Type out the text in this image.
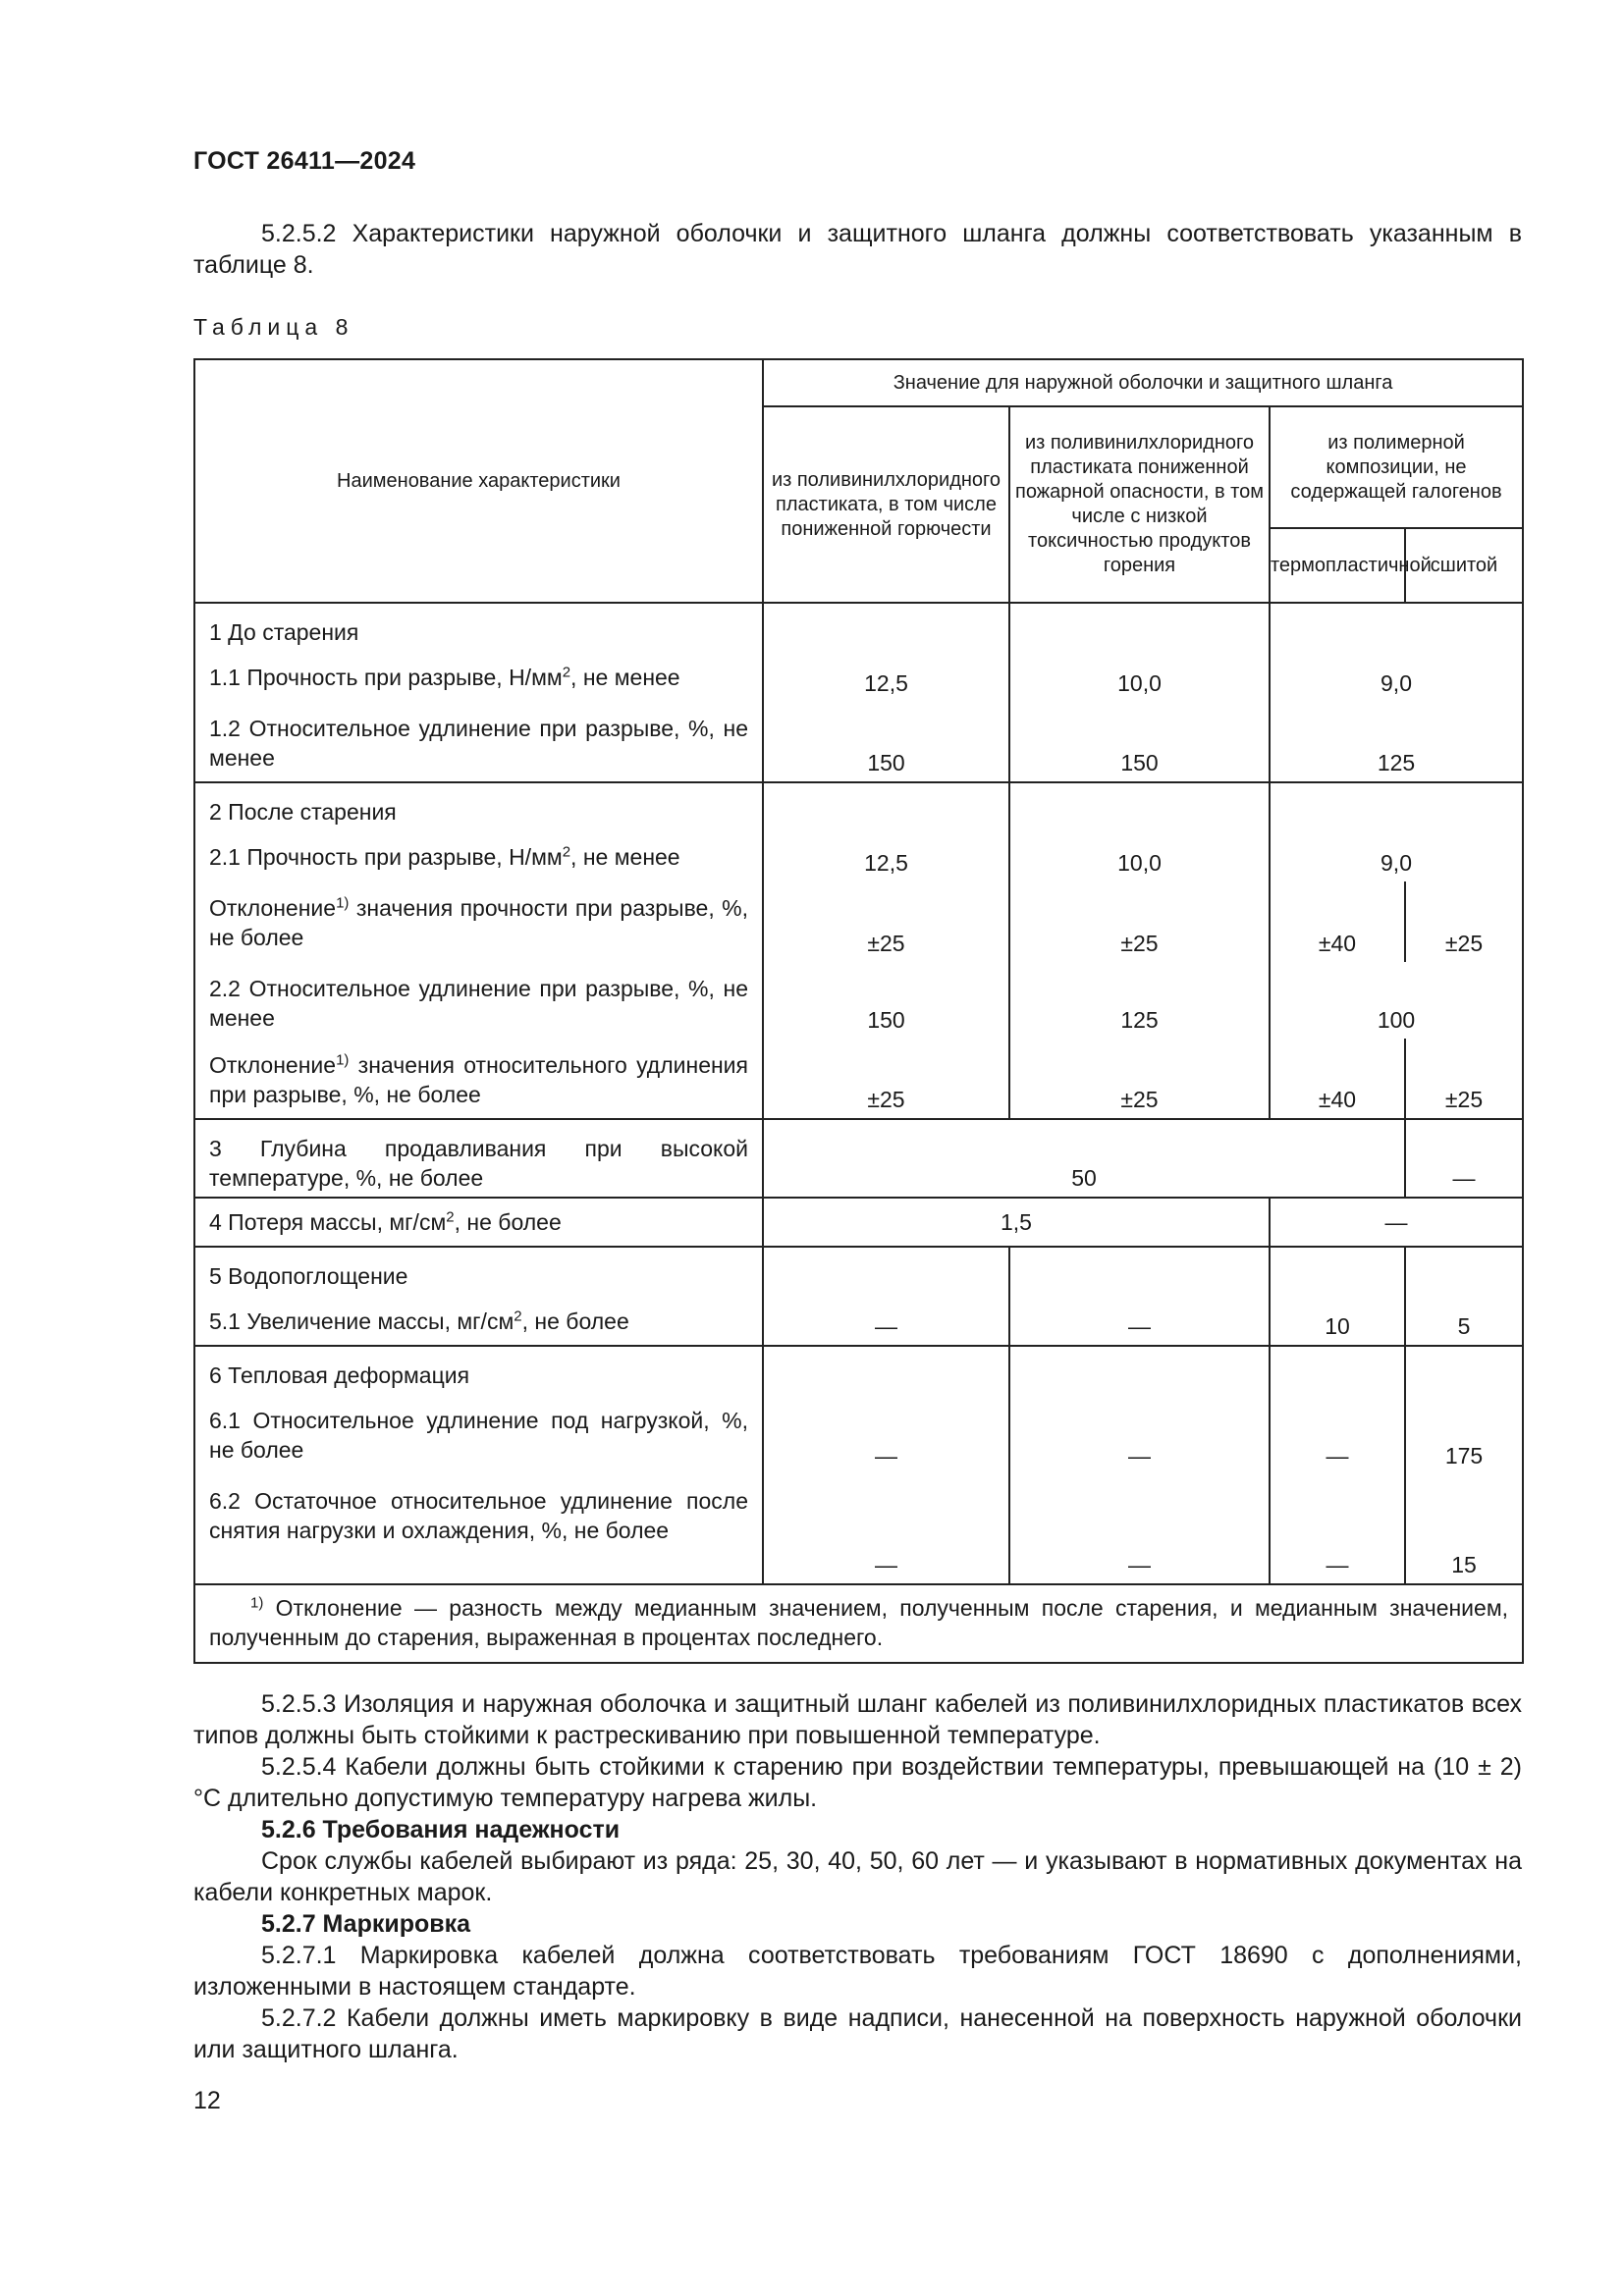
ГОСТ 26411—2024
5.2.5.2 Характеристики наружной оболочки и защитного шланга должны соответствовать указанным в таблице 8.
Таблица 8
Наименование характеристики	Значение для наружной оболочки и защитного шланга			
	из поливинилхлоридного пластиката, в том числе пониженной горючести	из поливинилхлоридного пластиката пониженной пожарной опасности, в том числе с низкой токсичностью продуктов горения	из полимерной композиции, не содержащей галогенов	
			термопластичной	сшитой

1 До старения				

1.1 Прочность при разрыве, $Н/мм^2$, не менее	12,5	10,0	9,0	

1.2 Относительное удлинение при разрыве, %, не менее	150	150	125	

2 После старения				

2.1 Прочность при разрыве, $Н/мм^2$, не менее	12,5	10,0	9,0	

Отклонение$^{1)}$ значения прочности при разрыве, %, не более	±25	±25	±40	±25

2.2 Относительное удлинение при разрыве, %, не менее	150	125	100	

Отклонение$^{1)}$ значения относительного удлинения при разрыве, %, не более	±25	±25	±40	±25

3 Глубина продавливания при высокой температуре, %, не более	50			—

4 Потеря массы, $мг/см^2$, не более	1,5		—	

5 Водопоглощение				

5.1 Увеличение массы, $мг/см^2$, не более	—	—	10	5

6 Тепловая деформация				

6.1 Относительное удлинение под нагрузкой, %, не более	—	—	—	175

6.2 Остаточное относительное удлинение после снятия нагрузки и охлаждения, %, не более	—	—	—	15
$^{1)}$ Отклонение — разность между медианным значением, полученным после старения, и медианным значением, полученным до старения, выраженная в процентах последнего.				
5.2.5.3 Изоляция и наружная оболочка и защитный шланг кабелей из поливинилхлоридных пластикатов всех типов должны быть стойкими к растрескиванию при повышенной температуре.
5.2.5.4 Кабели должны быть стойкими к старению при воздействии температуры, превышающей на (10 ± 2) °С длительно допустимую температуру нагрева жилы.
5.2.6 Требования надежности
Срок службы кабелей выбирают из ряда: 25, 30, 40, 50, 60 лет — и указывают в нормативных документах на кабели конкретных марок.
5.2.7 Маркировка
5.2.7.1 Маркировка кабелей должна соответствовать требованиям ГОСТ 18690 с дополнениями, изложенными в настоящем стандарте.
5.2.7.2 Кабели должны иметь маркировку в виде надписи, нанесенной на поверхность наружной оболочки или защитного шланга.
12
